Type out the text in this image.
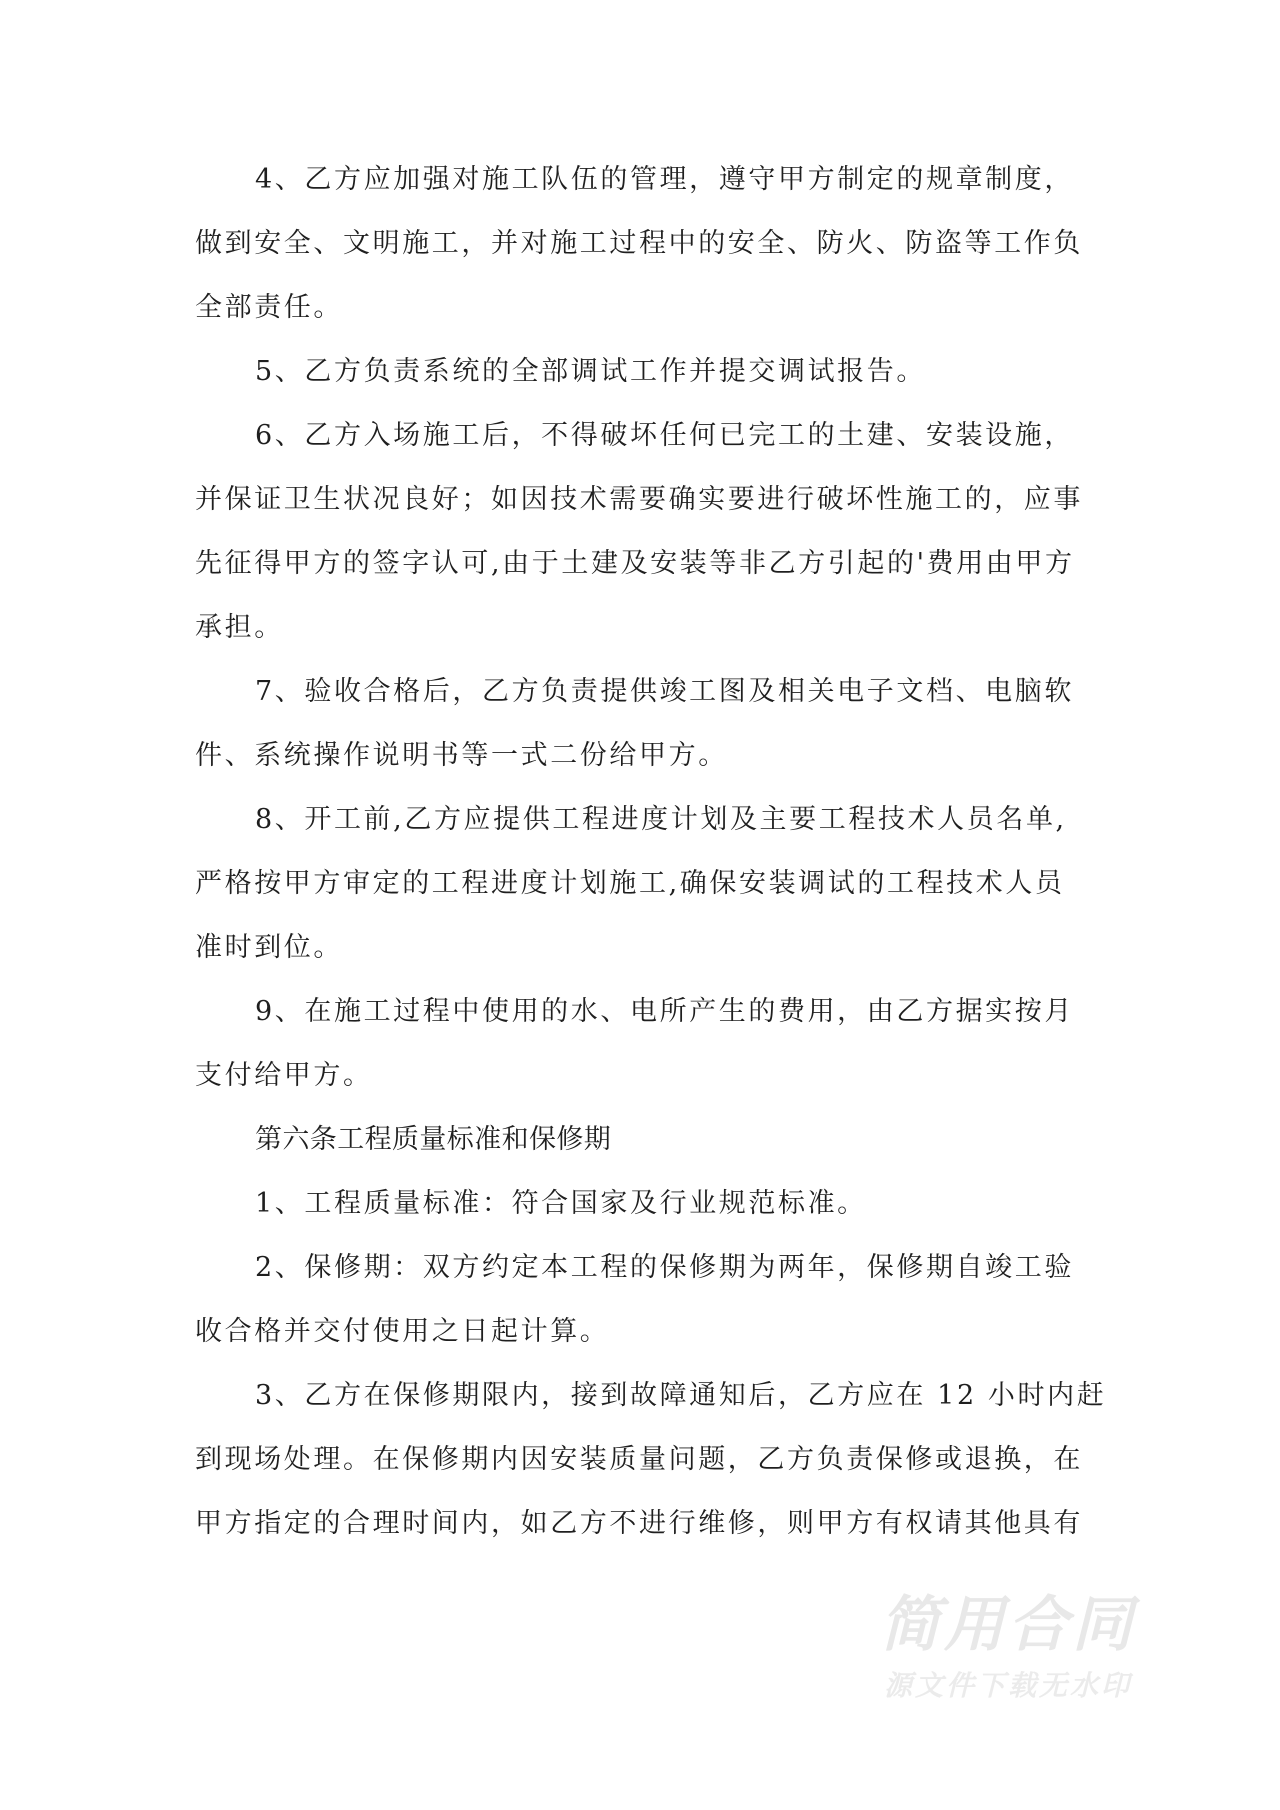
4、乙方应加强对施工队伍的管理，遵守甲方制定的规章制度，
做到安全、文明施工，并对施工过程中的安全、防火、防盗等工作负
全部责任。
5、乙方负责系统的全部调试工作并提交调试报告。
6、乙方入场施工后，不得破坏任何已完工的土建、安装设施，
并保证卫生状况良好；如因技术需要确实要进行破坏性施工的，应事
先征得甲方的签字认可,由于土建及安装等非乙方引起的'费用由甲方
承担。
7、验收合格后，乙方负责提供竣工图及相关电子文档、电脑软
件、系统操作说明书等一式二份给甲方。
8、开工前,乙方应提供工程进度计划及主要工程技术人员名单,
严格按甲方审定的工程进度计划施工,确保安装调试的工程技术人员
准时到位。
9、在施工过程中使用的水、电所产生的费用，由乙方据实按月
支付给甲方。
第六条工程质量标准和保修期
1、工程质量标准：符合国家及行业规范标准。
2、保修期：双方约定本工程的保修期为两年，保修期自竣工验
收合格并交付使用之日起计算。
3、乙方在保修期限内，接到故障通知后，乙方应在 12 小时内赶
到现场处理。在保修期内因安装质量问题，乙方负责保修或退换，在
甲方指定的合理时间内，如乙方不进行维修，则甲方有权请其他具有
简用合同
源文件下载无水印
